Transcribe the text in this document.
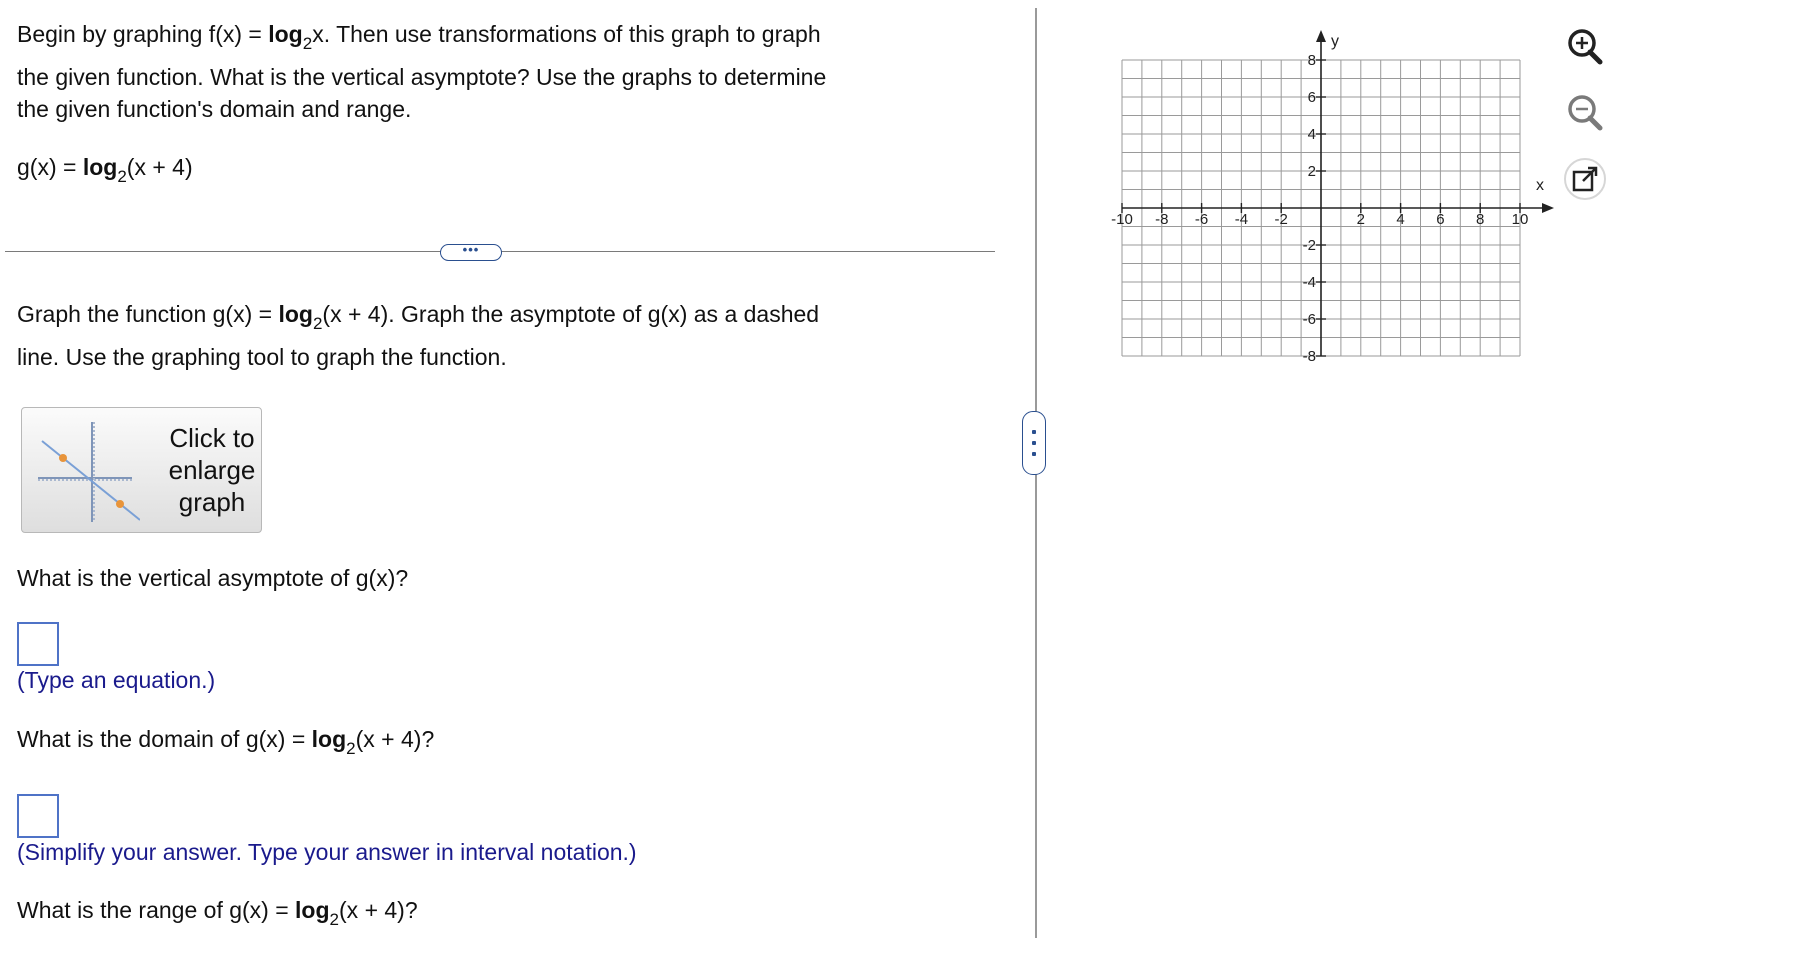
Begin by graphing $f(x) = \log_2x$. Then use transformations of this graph to graph
the given function. What is the vertical asymptote? Use the graphs to determine
the given function's domain and range.
$g(x) = \log_2(x + 4)$
•••
Graph the function $g(x) = \log_2(x + 4)$. Graph the asymptote of g(x) as a dashed
line. Use the graphing tool to graph the function.
Click to
enlarge
graph
What is the vertical asymptote of g(x)?
(Type an equation.)
What is the domain of $g(x) = \log_2(x + 4)$?
(Simplify your answer. Type your answer in interval notation.)
What is the range of $g(x) = \log_2(x + 4)$?
-10 -8 -6 -4 -2	2 4 6 8 10
8
6
4
2
-2
-4
-6
-8
x
y
